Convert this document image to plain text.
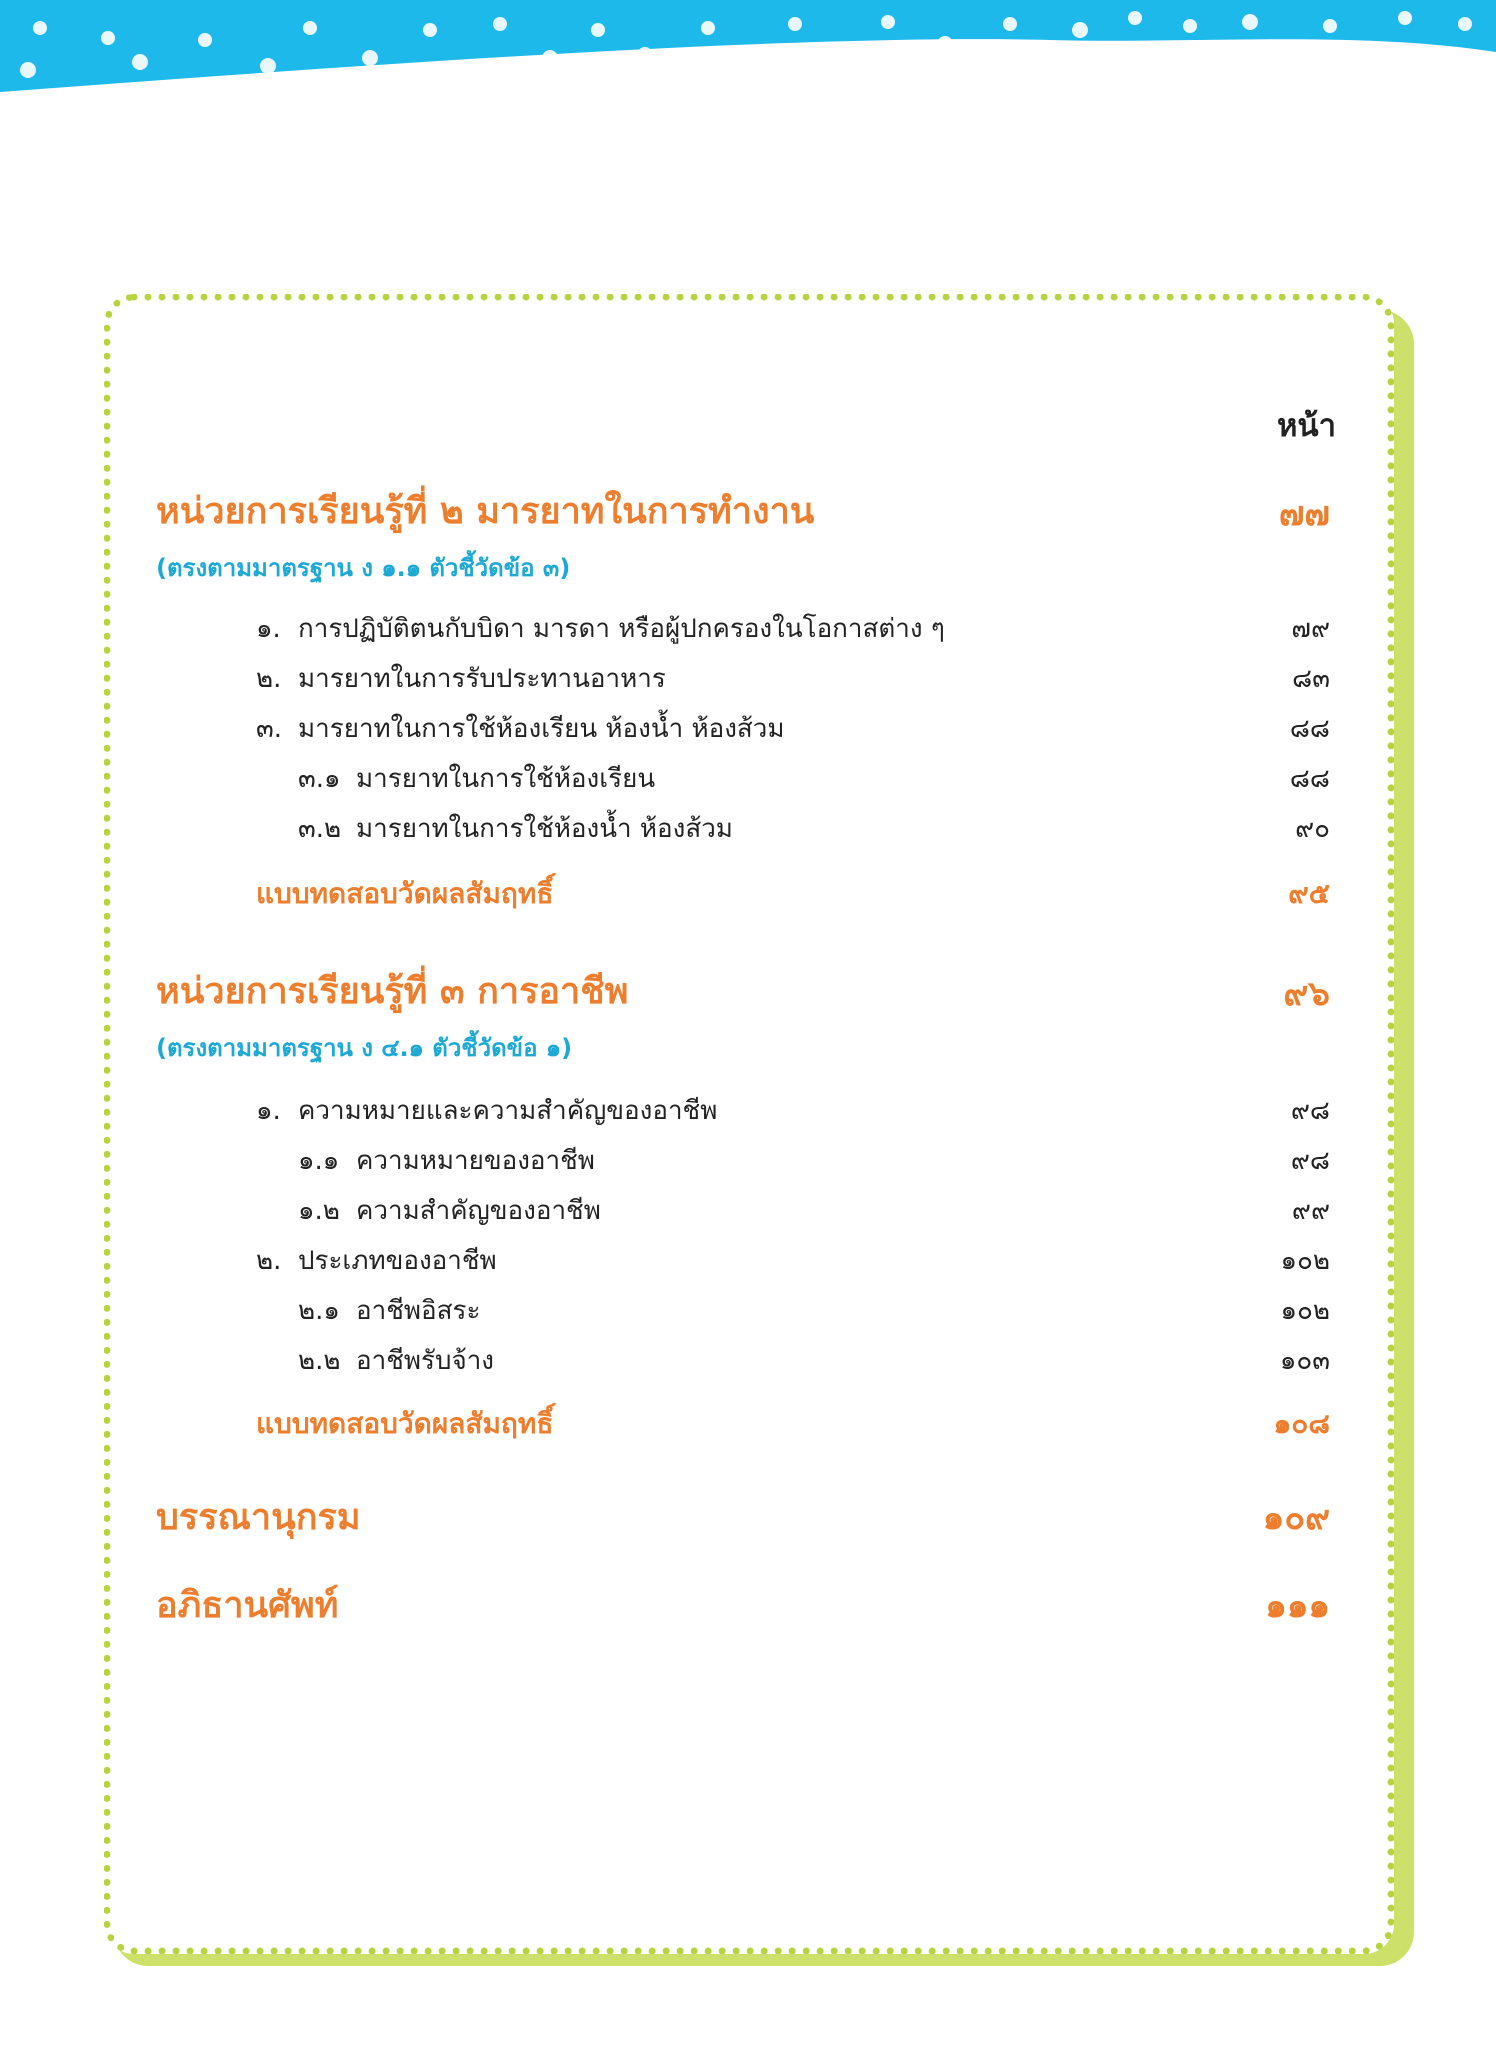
หน้า
หน่วยการเรียนรู้ที่ ๒ มารยาทในการทำงาน	๗๗
(ตรงตามมาตรฐาน ง ๑.๑ ตัวชี้วัดข้อ ๓)
๑. การปฏิบัติตนกับบิดา มารดา หรือผู้ปกครองในโอกาสต่าง ๆ	๗๙
๒. มารยาทในการรับประทานอาหาร	๘๓
๓. มารยาทในการใช้ห้องเรียน ห้องน้ำ ห้องส้วม	๘๘
๓.๑ มารยาทในการใช้ห้องเรียน	๘๘
๓.๒ มารยาทในการใช้ห้องน้ำ ห้องส้วม	๙๐
แบบทดสอบวัดผลสัมฤทธิ์	๙๕
หน่วยการเรียนรู้ที่ ๓ การอาชีพ	๙๖
(ตรงตามมาตรฐาน ง ๔.๑ ตัวชี้วัดข้อ ๑)
๑. ความหมายและความสำคัญของอาชีพ	๙๘
๑.๑ ความหมายของอาชีพ	๙๘
๑.๒ ความสำคัญของอาชีพ	๙๙
๒. ประเภทของอาชีพ	๑๐๒
๒.๑ อาชีพอิสระ	๑๐๒
๒.๒ อาชีพรับจ้าง	๑๐๓
แบบทดสอบวัดผลสัมฤทธิ์	๑๐๘
บรรณานุกรม	๑๐๙
อภิธานศัพท์	๑๑๑
